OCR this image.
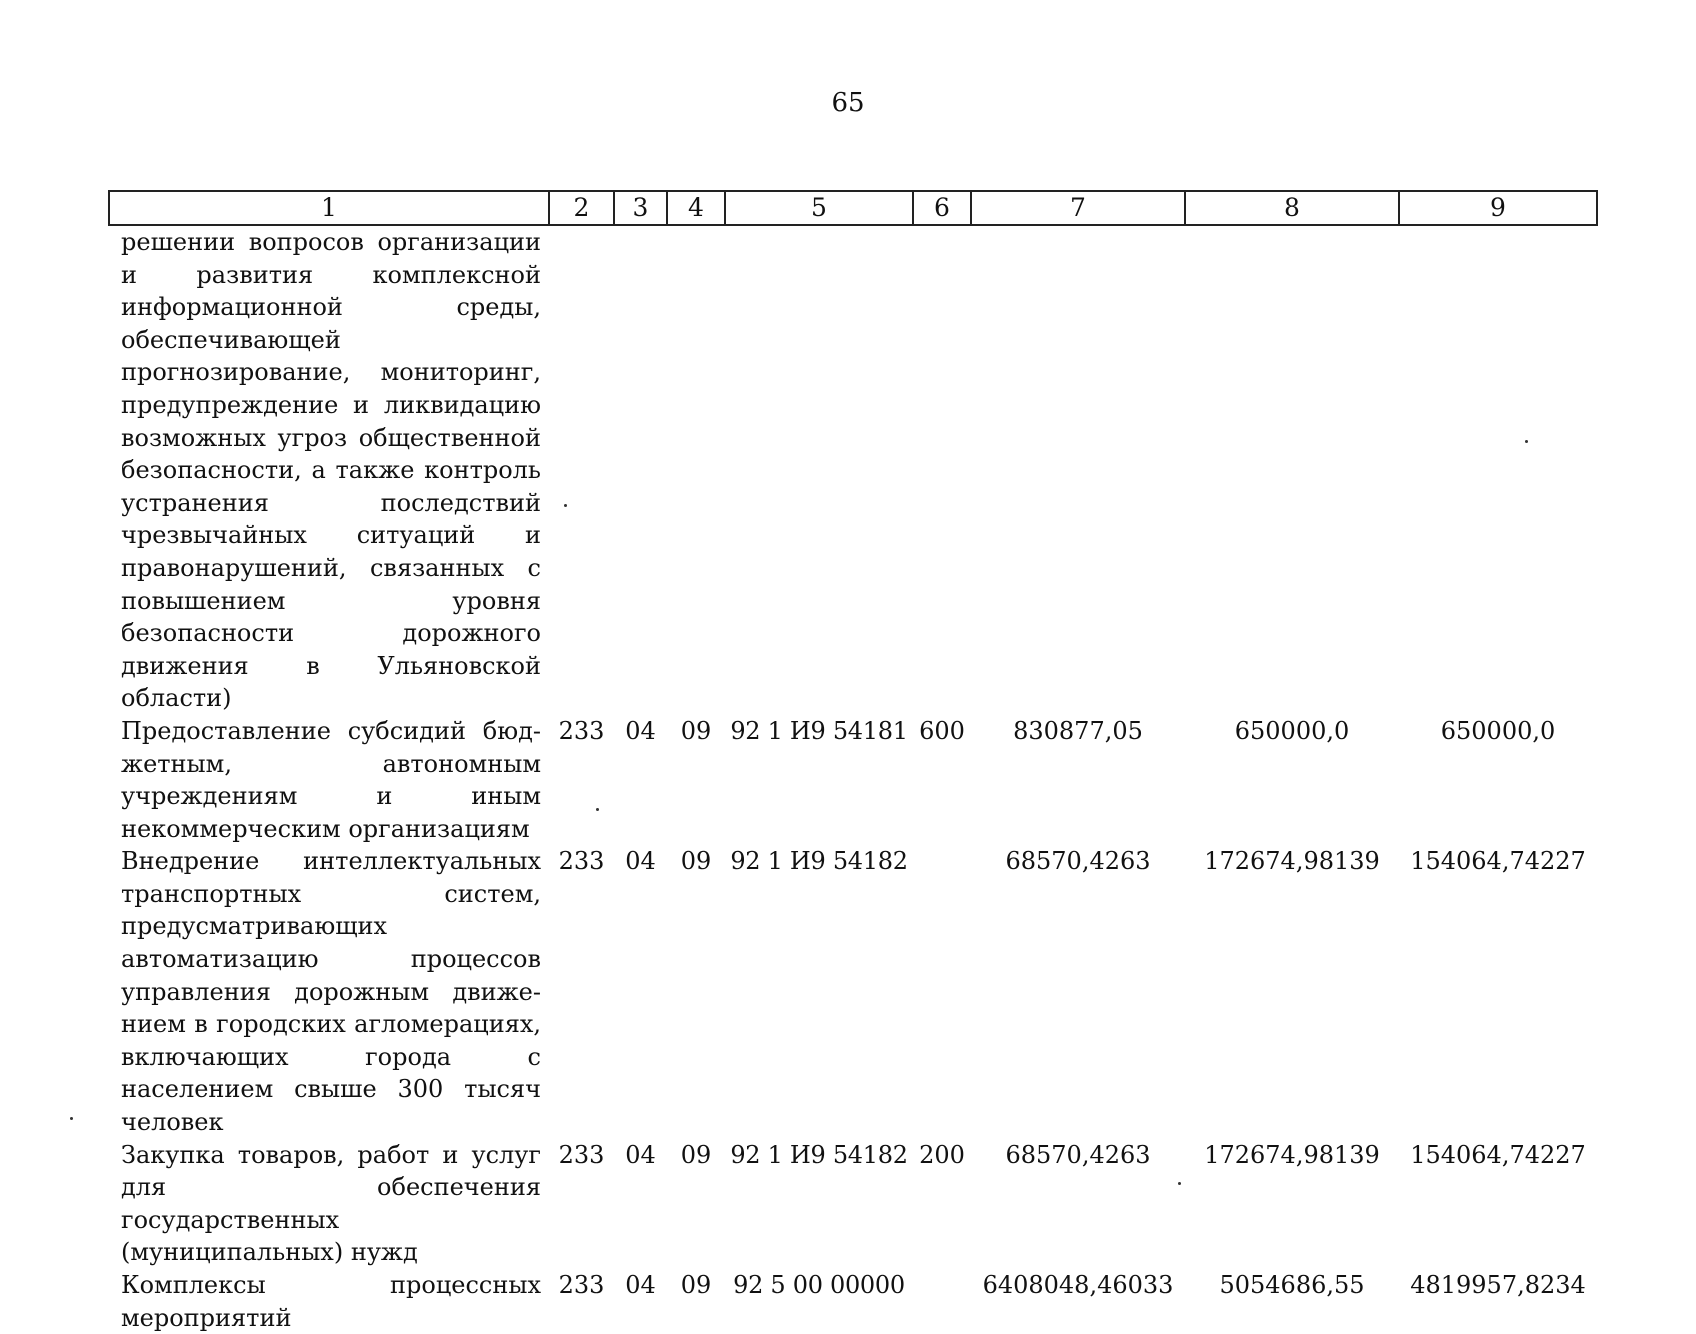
65
1	2	3	4	5	6	7	8	9
решении вопросов организации и развития комплексной информационной среды, обеспечивающей прогнозирование, мониторинг, предупреждение и ликвидацию возможных угроз общественной безопасности, а также контроль устранения последствий чрезвычайных ситуаций и правонарушений, связанных с повышением уровня безопасности дорожного движения в Ульяновской области)								
Предоставление субсидий бюджетным, автономным учреждениям и иным некоммерческим организациям	233	04	09	92 1 И9 54181	600	830877,05	650000,0	650000,0
Внедрение интеллектуальных транспортных систем, предусматривающих автоматизацию процессов управления дорожным движением в городских агломерациях, включающих города с населением свыше 300 тысяч человек	233	04	09	92 1 И9 54182		68570,4263	172674,98139	154064,74227
Закупка товаров, работ и услуг для обеспечения государственных (муниципальных) нужд	233	04	09	92 1 И9 54182	200	68570,4263	172674,98139	154064,74227
Комплексы процессных мероприятий	233	04	09	92 5 00 00000		6408048,46033	5054686,55	4819957,8234
